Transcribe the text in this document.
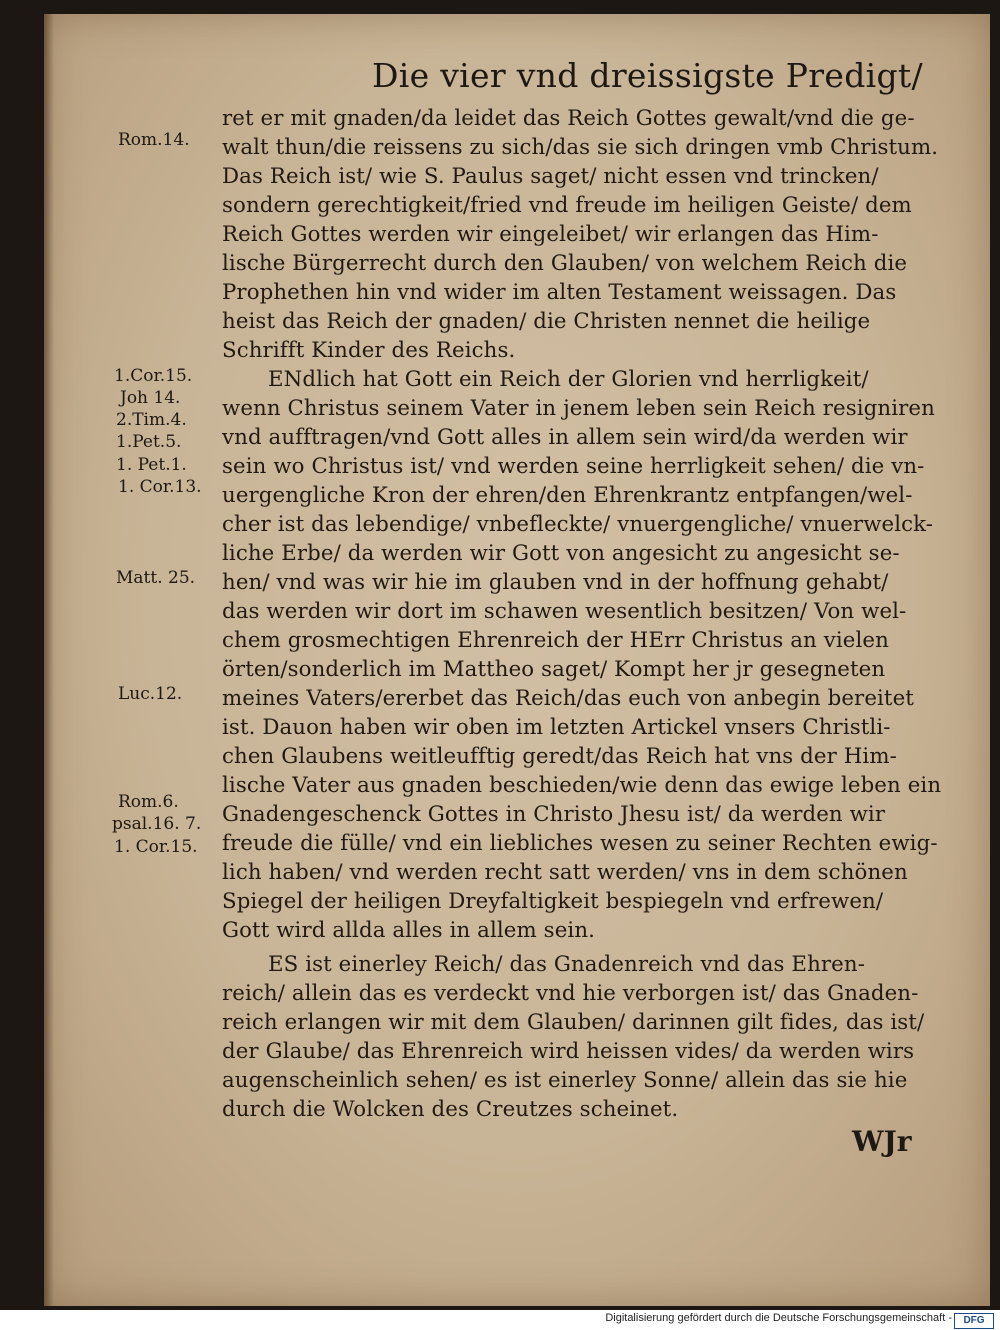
Die vier vnd dreissigste Predigt/
ret er mit gnaden/da leidet das Reich Gottes gewalt/vnd die ge-
walt thun/die reissens zu sich/das sie sich dringen vmb Christum.
Das Reich ist/ wie S. Paulus saget/ nicht essen vnd trincken/
sondern gerechtigkeit/fried vnd freude im heiligen Geiste/ dem
Reich Gottes werden wir eingeleibet/ wir erlangen das Him-
lische Bürgerrecht durch den Glauben/ von welchem Reich die
Prophethen hin vnd wider im alten Testament weissagen. Das
heist das Reich der gnaden/ die Christen nennet die heilige
Schrifft Kinder des Reichs.
ENdlich hat Gott ein Reich der Glorien vnd herrligkeit/
wenn Christus seinem Vater in jenem leben sein Reich resigniren
vnd aufftragen/vnd Gott alles in allem sein wird/da werden wir
sein wo Christus ist/ vnd werden seine herrligkeit sehen/ die vn-
uergengliche Kron der ehren/den Ehrenkrantz entpfangen/wel-
cher ist das lebendige/ vnbefleckte/ vnuergengliche/ vnuerwelck-
liche Erbe/ da werden wir Gott von angesicht zu angesicht se-
hen/ vnd was wir hie im glauben vnd in der hoffnung gehabt/
das werden wir dort im schawen wesentlich besitzen/ Von wel-
chem grosmechtigen Ehrenreich der HErr Christus an vielen
örten/sonderlich im Mattheo saget/ Kompt her jr gesegneten
meines Vaters/ererbet das Reich/das euch von anbegin bereitet
ist. Dauon haben wir oben im letzten Artickel vnsers Christli-
chen Glaubens weitleufftig geredt/das Reich hat vns der Him-
lische Vater aus gnaden beschieden/wie denn das ewige leben ein
Gnadengeschenck Gottes in Christo Jhesu ist/ da werden wir
freude die fülle/ vnd ein liebliches wesen zu seiner Rechten ewig-
lich haben/ vnd werden recht satt werden/ vns in dem schönen
Spiegel der heiligen Dreyfaltigkeit bespiegeln vnd erfrewen/
Gott wird allda alles in allem sein.
ES ist einerley Reich/ das Gnadenreich vnd das Ehren-
reich/ allein das es verdeckt vnd hie verborgen ist/ das Gnaden-
reich erlangen wir mit dem Glauben/ darinnen gilt fides, das ist/
der Glaube/ das Ehrenreich wird heissen vides/ da werden wirs
augenscheinlich sehen/ es ist einerley Sonne/ allein das sie hie
durch die Wolcken des Creutzes scheinet.
Rom.14.
1.Cor.15.
Joh 14.
2.Tim.4.
1.Pet.5.
1. Pet.1.
1. Cor.13.
Matt. 25.
Luc.12.
Rom.6.
psal.16. 7.
1. Cor.15.
WJr
Digitalisierung gefördert durch die Deutsche Forschungsgemeinschaft -	DFG
